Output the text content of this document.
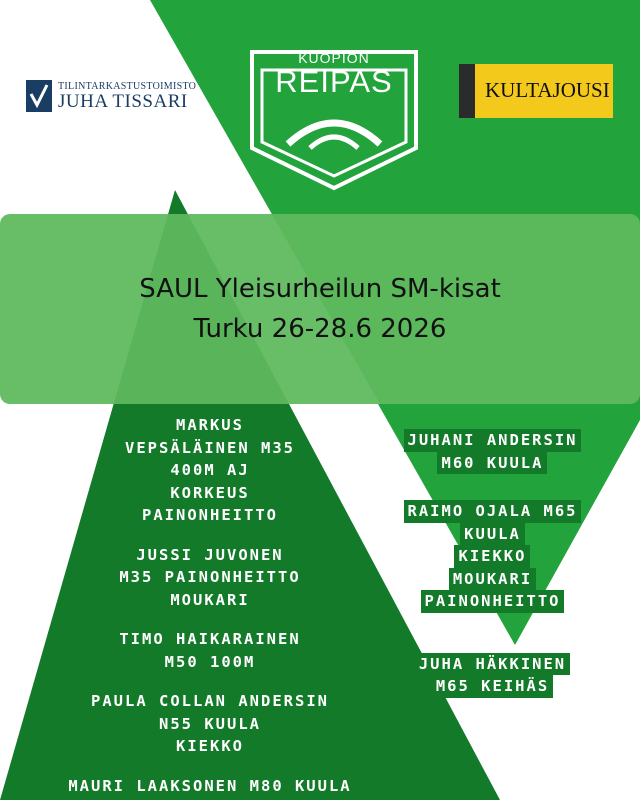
TILINTARKASTUSTOIMISTO
JUHA TISSARI
KUOPION
REIPAS	KULTAJOUSI
SAUL Yleisurheilun SM-kisat
Turku 26-28.6 2026
MARKUS
VEPSÄLÄINEN M35
400M AJ
KORKEUS
PAINONHEITTO
JUSSI JUVONEN
M35 PAINONHEITTO
MOUKARI
TIMO HAIKARAINEN
M50 100M
PAULA COLLAN ANDERSIN
N55 KUULA
KIEKKO
MAURI LAAKSONEN M80 KUULA
JUHANI ANDERSIN
M60 KUULA
RAIMO OJALA M65
KUULA
KIEKKO
MOUKARI
PAINONHEITTO
JUHA HÄKKINEN
M65 KEIHÄS
